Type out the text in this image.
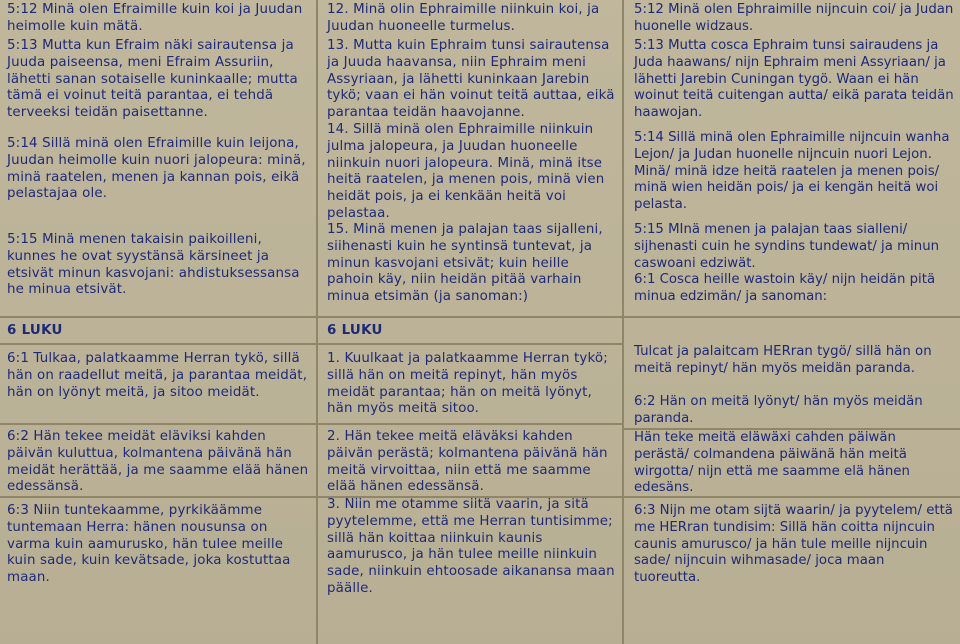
5:12 Minä olen Efraimille kuin koi ja Juudan heimolle kuin mätä.

5:13 Mutta kun Efraim näki sairautensa ja Juuda paiseensa, meni Efraim Assuriin, lähetti sanan sotaiselle kuninkaalle; mutta tämä ei voinut teitä parantaa, ei tehdä terveeksi teidän paisettanne.

5:14 Sillä minä olen Efraimille kuin leijona, Juudan heimolle kuin nuori jalopeura: minä, minä raatelen, menen ja kannan pois, eikä pelastajaa ole.

5:15 Minä menen takaisin paikoilleni, kunnes he ovat syystänsä kärsineet ja etsivät minun kasvojani: ahdistuksessansa he minua etsivät.

6 LUKU

6:1 Tulkaa, palatkaamme Herran tykö, sillä hän on raadellut meitä, ja parantaa meidät, hän on lyönyt meitä, ja sitoo meidät.

6:2 Hän tekee meidät eläviksi kahden päivän kuluttua, kolmantena päivänä hän meidät herättää, ja me saamme elää hänen edessänsä.

6:3 Niin tuntekaamme, pyrkikäämme tuntemaan Herra: hänen nousunsa on varma kuin aamurusko, hän tulee meille kuin sade, kuin kevätsade, joka kostuttaa maan.

12. Minä olin Ephraimille niinkuin koi, ja Juudan huoneelle turmelus.

13. Mutta kuin Ephraim tunsi sairautensa ja Juuda haavansa, niin Ephraim meni Assyriaan, ja lähetti kuninkaan Jarebin tykö; vaan ei hän voinut teitä auttaa, eikä parantaa teidän haavojanne.

14. Sillä minä olen Ephraimille niinkuin julma jalopeura, ja Juudan huoneelle niinkuin nuori jalopeura. Minä, minä itse heitä raatelen, ja menen pois, minä vien heidät pois, ja ei kenkään heitä voi pelastaa.

15. Minä menen ja palajan taas sijalleni, siihenasti kuin he syntinsä tuntevat, ja minun kasvojani etsivät; kuin heille pahoin käy, niin heidän pitää varhain minua etsimän (ja sanoman:)

6 LUKU

1. Kuulkaat ja palatkaamme Herran tykö; sillä hän on meitä repinyt, hän myös meidät parantaa; hän on meitä lyönyt, hän myös meitä sitoo.

2. Hän tekee meitä eläväksi kahden päivän perästä; kolmantena päivänä hän meitä virvoittaa, niin että me saamme elää hänen edessänsä.

3. Niin me otamme siitä vaarin, ja sitä pyytelemme, että me Herran tuntisimme; sillä hän koittaa niinkuin kaunis aamurusco, ja hän tulee meille niinkuin sade, niinkuin ehtoosade aikanansa maan päälle.

5:12 Minä olen Ephraimille nijncuin coi/ ja Judan huonelle widzaus.

5:13 Mutta cosca Ephraim tunsi sairaudens ja Juda haawans/ nijn Ephraim meni Assyriaan/ ja lähetti Jarebin Cuningan tygö. Waan ei hän woinut teitä cuitengan autta/ eikä parata teidän haawojan.

5:14 Sillä minä olen Ephraimille nijncuin wanha Lejon/ ja Judan huonelle nijncuin nuori Lejon. Minä/ minä idze heitä raatelen ja menen pois/ minä wien heidän pois/ ja ei kengän heitä woi pelasta.

5:15 MInä menen ja palajan taas sialleni/ sijhenasti cuin he syndins tundewat/ ja minun caswoani edziwät.

6:1 Cosca heille wastoin käy/ nijn heidän pitä minua edzimän/ ja sanoman:

Tulcat ja palaitcam HERran tygö/ sillä hän on meitä repinyt/ hän myös meidän paranda.

6:2 Hän on meitä lyönyt/ hän myös meidän paranda.

Hän teke meitä eläwäxi cahden päiwän perästä/ colmandena päiwänä hän meitä wirgotta/ nijn että me saamme elä hänen edesäns.

6:3 Nijn me otam sijtä waarin/ ja pyytelem/ että me HERran tundisim: Sillä hän coitta nijncuin caunis amurusco/ ja hän tule meille nijncuin sade/ nijncuin wihmasade/ joca maan tuoreutta.
